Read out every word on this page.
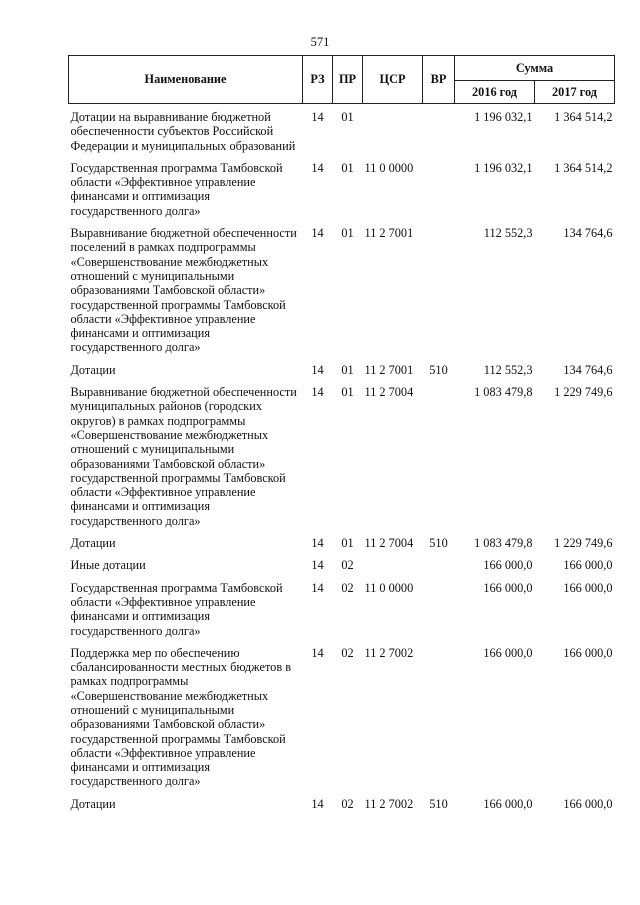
571
Наименование	РЗ	ПР	ЦСР	ВР	Сумма	
					2016 год	2017 год
Дотации на выравнивание бюджетной обеспеченности субъектов Российской Федерации и муниципальных образований	14	01			1 196 032,1	1 364 514,2
Государственная программа Тамбовской области «Эффективное управление финансами и оптимизация государственного долга»	14	01	11 0 0000		1 196 032,1	1 364 514,2
Выравнивание бюджетной обеспеченности поселений в рамках подпрограммы «Совершенствование межбюджетных отношений с муниципальными образованиями Тамбовской области» государственной программы Тамбовской области «Эффективное управление финансами и оптимизация государственного долга»	14	01	11 2 7001		112 552,3	134 764,6
Дотации	14	01	11 2 7001	510	112 552,3	134 764,6
Выравнивание бюджетной обеспеченности муниципальных районов (городских округов) в рамках подпрограммы «Совершенствование межбюджетных отношений с муниципальными образованиями Тамбовской области» государственной программы Тамбовской области «Эффективное управление финансами и оптимизация государственного долга»	14	01	11 2 7004		1 083 479,8	1 229 749,6
Дотации	14	01	11 2 7004	510	1 083 479,8	1 229 749,6
Иные дотации	14	02			166 000,0	166 000,0
Государственная программа Тамбовской области «Эффективное управление финансами и оптимизация государственного долга»	14	02	11 0 0000		166 000,0	166 000,0
Поддержка мер по обеспечению сбалансированности местных бюджетов в рамках подпрограммы «Совершенствование межбюджетных отношений с муниципальными образованиями Тамбовской области» государственной программы Тамбовской области «Эффективное управление финансами и оптимизация государственного долга»	14	02	11 2 7002		166 000,0	166 000,0
Дотации	14	02	11 2 7002	510	166 000,0	166 000,0
